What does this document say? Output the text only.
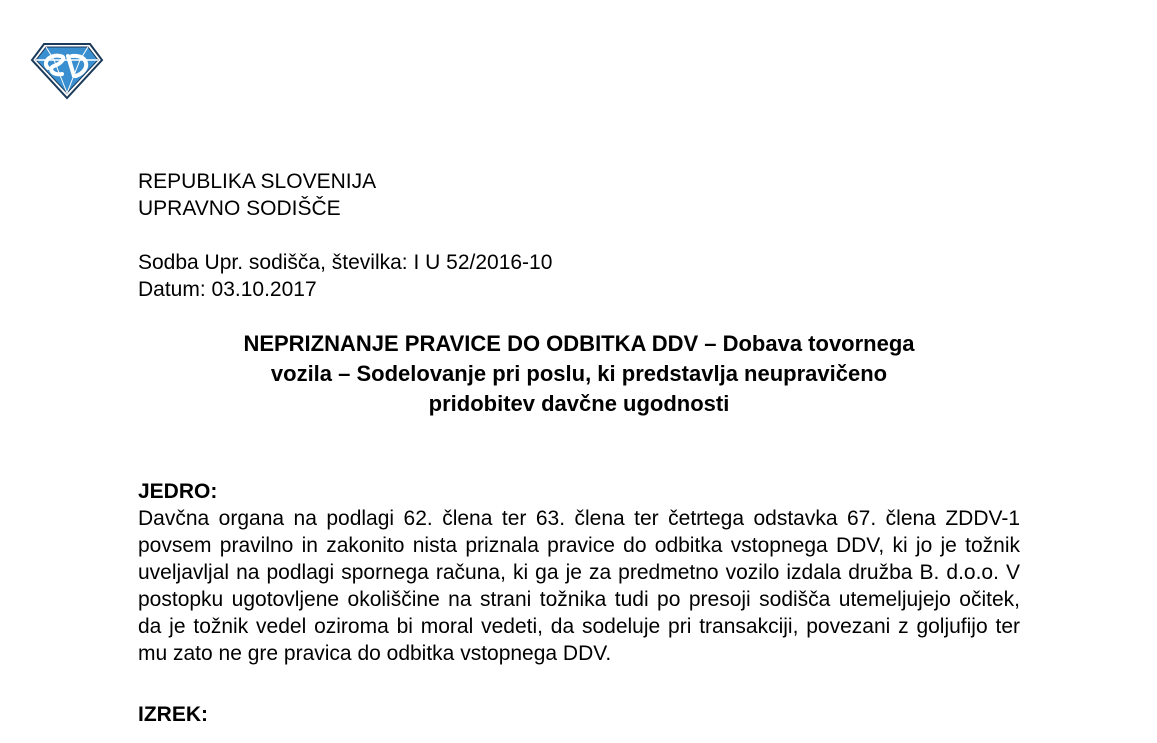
REPUBLIKA SLOVENIJA
UPRAVNO SODIŠČE
Sodba Upr. sodišča, številka: I U 52/2016-10
Datum: 03.10.2017
NEPRIZNANJE PRAVICE DO ODBITKA DDV – Dobava tovornega
vozila – Sodelovanje pri poslu, ki predstavlja neupravičeno
pridobitev davčne ugodnosti
JEDRO:

Davčna organa na podlagi 62. člena ter 63. člena ter četrtega odstavka 67. člena ZDDV-1 povsem pravilno in zakonito nista priznala pravice do odbitka vstopnega DDV, ki jo je tožnik uveljavljal na podlagi spornega računa, ki ga je za predmetno vozilo izdala družba B. d.o.o. V postopku ugotovljene okoliščine na strani tožnika tudi po presoji sodišča utemeljujejo očitek, da je tožnik vedel oziroma bi moral vedeti, da sodeluje pri transakciji, povezani z goljufijo ter mu zato ne gre pravica do odbitka vstopnega DDV.

IZREK:
